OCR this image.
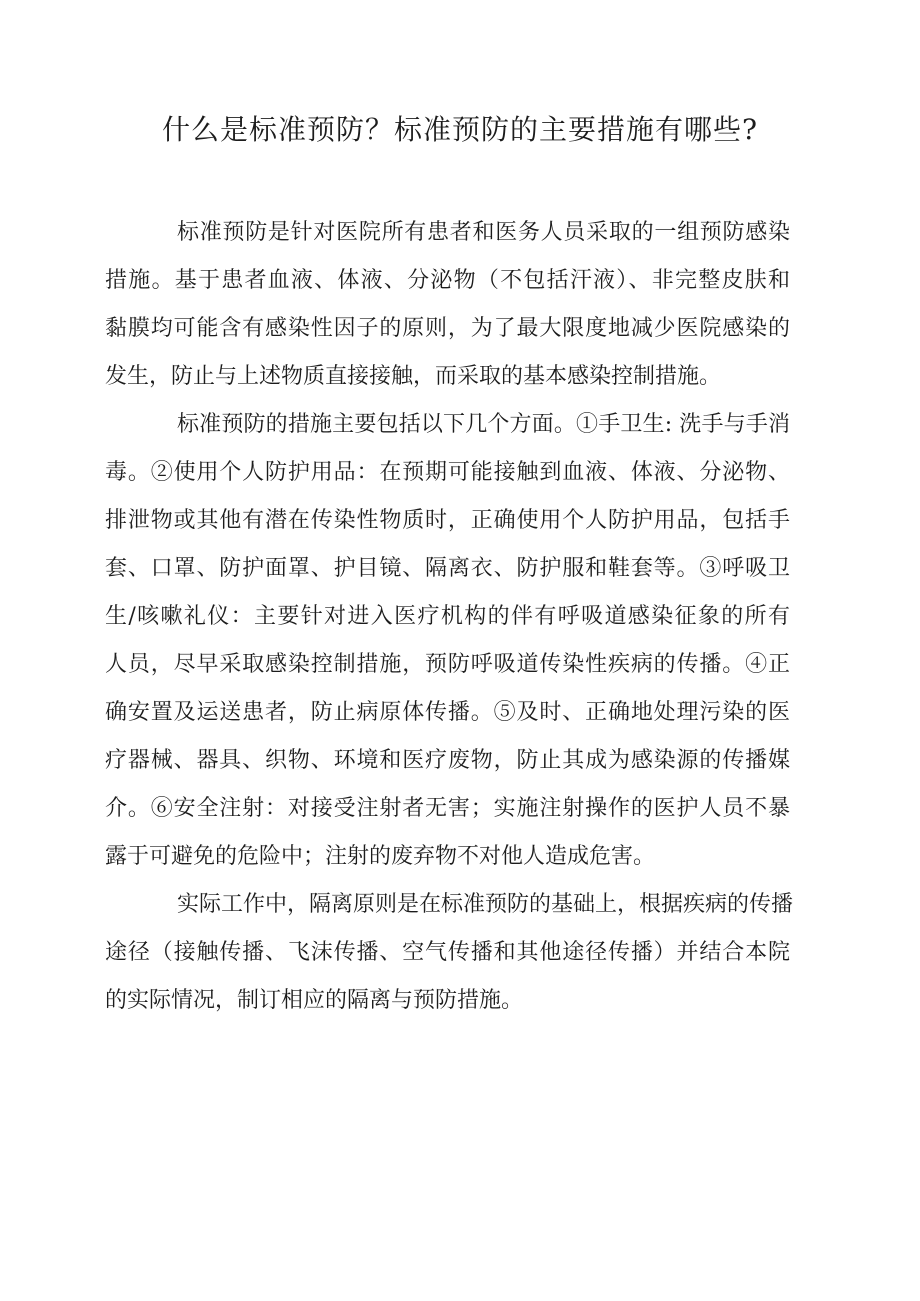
什么是标准预防？标准预防的主要措施有哪些?
标准预防是针对医院所有患者和医务人员采取的一组预防感染
措施。基于患者血液、体液、分泌物（不包括汗液）、非完整皮肤和
黏膜均可能含有感染性因子的原则，为了最大限度地减少医院感染的
发生，防止与上述物质直接接触，而采取的基本感染控制措施。
标准预防的措施主要包括以下几个方面。①手卫生: 洗手与手消
毒。②使用个人防护用品：在预期可能接触到血液、体液、分泌物、
排泄物或其他有潜在传染性物质时，正确使用个人防护用品，包括手
套、口罩、防护面罩、护目镜、隔离衣、防护服和鞋套等。③呼吸卫
生/咳嗽礼仪：主要针对进入医疗机构的伴有呼吸道感染征象的所有
人员，尽早采取感染控制措施，预防呼吸道传染性疾病的传播。④正
确安置及运送患者，防止病原体传播。⑤及时、正确地处理污染的医
疗器械、器具、织物、环境和医疗废物，防止其成为感染源的传播媒
介。⑥安全注射：对接受注射者无害；实施注射操作的医护人员不暴
露于可避免的危险中；注射的废弃物不对他人造成危害。
实际工作中，隔离原则是在标准预防的基础上，根据疾病的传播
途径（接触传播、飞沫传播、空气传播和其他途径传播）并结合本院
的实际情况，制订相应的隔离与预防措施。
